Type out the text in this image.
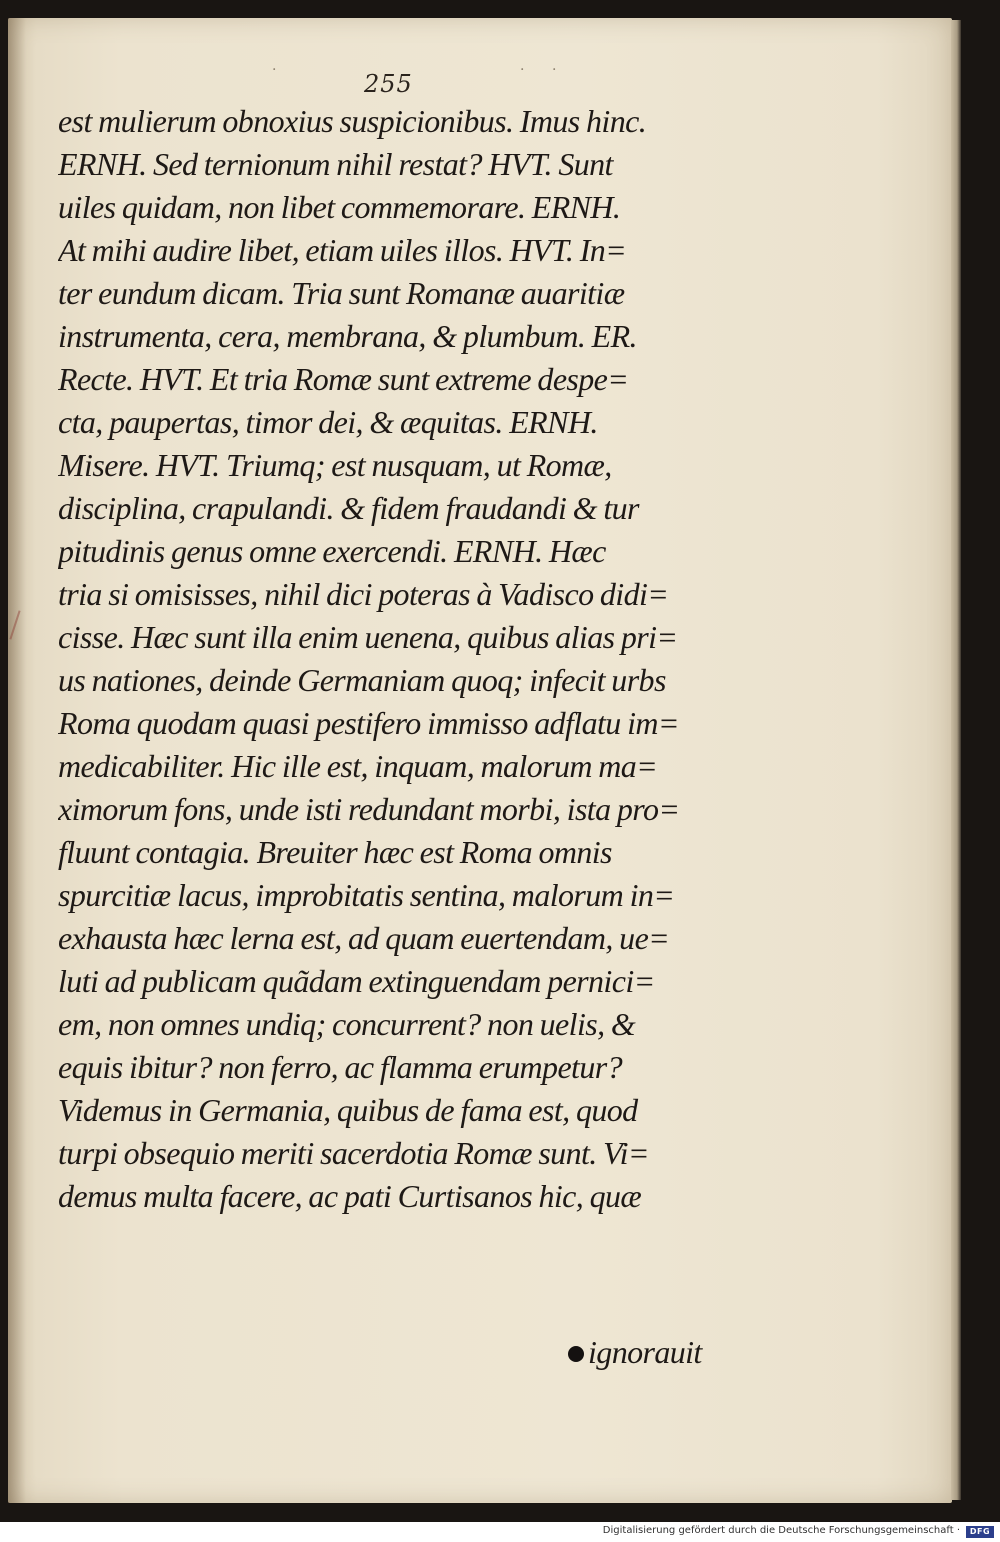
·	· ·
255
est mulierum obnoxius suspicionibus. Imus hinc.
ERNH. Sed ternionum nihil restat? HVT. Sunt
uiles quidam, non libet commemorare. ERNH.
At mihi audire libet, etiam uiles illos. HVT. In=
ter eundum dicam. Tria sunt Romanæ auaritiæ
instrumenta, cera, membrana, & plumbum. ER.
Recte. HVT. Et tria Romæ sunt extreme despe=
cta, paupertas, timor dei, & æquitas. ERNH.
Misere. HVT. Triumq; est nusquam, ut Romæ,
disciplina, crapulandi. & fidem fraudandi & tur
pitudinis genus omne exercendi. ERNH. Hæc
tria si omisisses, nihil dici poteras à Vadisco didi=
cisse. Hæc sunt illa enim uenena, quibus alias pri=
us nationes, deinde Germaniam quoq; infecit urbs
Roma quodam quasi pestifero immisso adflatu im=
medicabiliter. Hic ille est, inquam, malorum ma=
ximorum fons, unde isti redundant morbi, ista pro=
fluunt contagia. Breuiter hæc est Roma omnis
spurcitiæ lacus, improbitatis sentina, malorum in=
exhausta hæc lerna est, ad quam euertendam, ue=
luti ad publicam quãdam extinguendam pernici=
em, non omnes undiq; concurrent? non uelis, &
equis ibitur? non ferro, ac flamma erumpetur?
Videmus in Germania, quibus de fama est, quod
turpi obsequio meriti sacerdotia Romæ sunt. Vi=
demus multa facere, ac pati Curtisanos hic, quæ
ignorauit
Digitalisierung gefördert durch die Deutsche Forschungsgemeinschaft ·	DFG
